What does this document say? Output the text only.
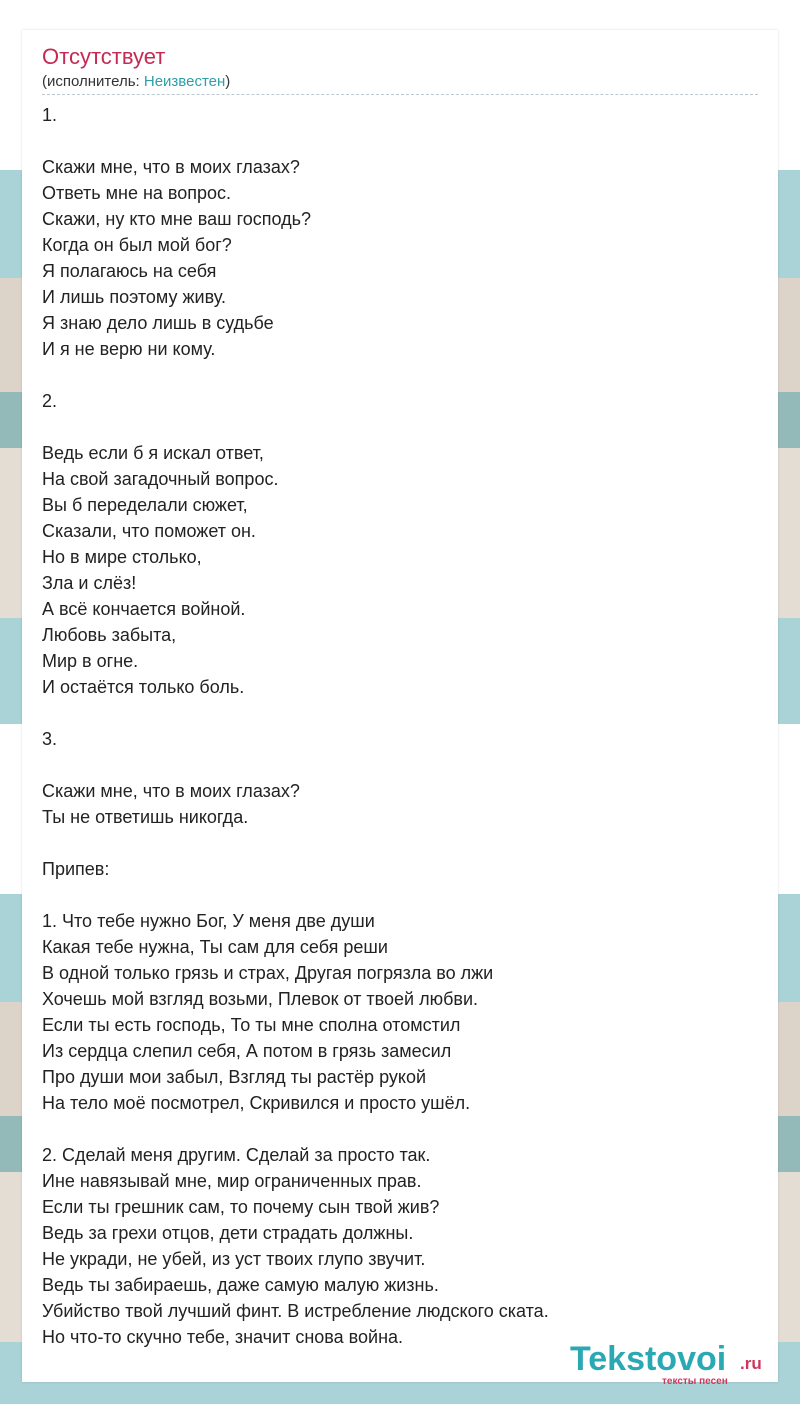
Отсутствует
(исполнитель: Неизвестен)
1.
Скажи мне, что в моих глазах?
Ответь мне на вопрос.
Скажи, ну кто мне ваш господь?
Когда он был мой бог?
Я полагаюсь на себя
И лишь поэтому живу.
Я знаю дело лишь в судьбе
И я не верю ни кому.
2.
Ведь если б я искал ответ,
На свой загадочный вопрос.
Вы б переделали сюжет,
Сказали, что поможет он.
Но в мире столько,
Зла и слёз!
А всё кончается войной.
Любовь забыта,
Мир в огне.
И остаётся только боль.
3.
Скажи мне, что в моих глазах?
Ты не ответишь никогда.
Припев:
1. Что тебе нужно Бог, У меня две души
Какая тебе нужна, Ты сам для себя реши
В одной только грязь и страх, Другая погрязла во лжи
Хочешь мой взгляд возьми, Плевок от твоей любви.
Если ты есть господь, То ты мне сполна отомстил
Из сердца слепил себя, А потом в грязь замесил
Про души мои забыл, Взгляд ты растёр рукой
На тело моё посмотрел, Скривился и просто ушёл.
2. Сделай меня другим. Сделай за просто так.
Ине навязывай мне, мир ограниченных прав.
Если ты грешник сам, то почему сын твой жив?
Ведь за грехи отцов, дети страдать должны.
Не укради, не убей, из уст твоих глупо звучит.
Ведь ты забираешь, даже самую малую жизнь.
Убийство твой лучший финт. В истребление людского ската.
Но что-то скучно тебе, значит снова война.
Tekstovoi .ru
тексты песен
